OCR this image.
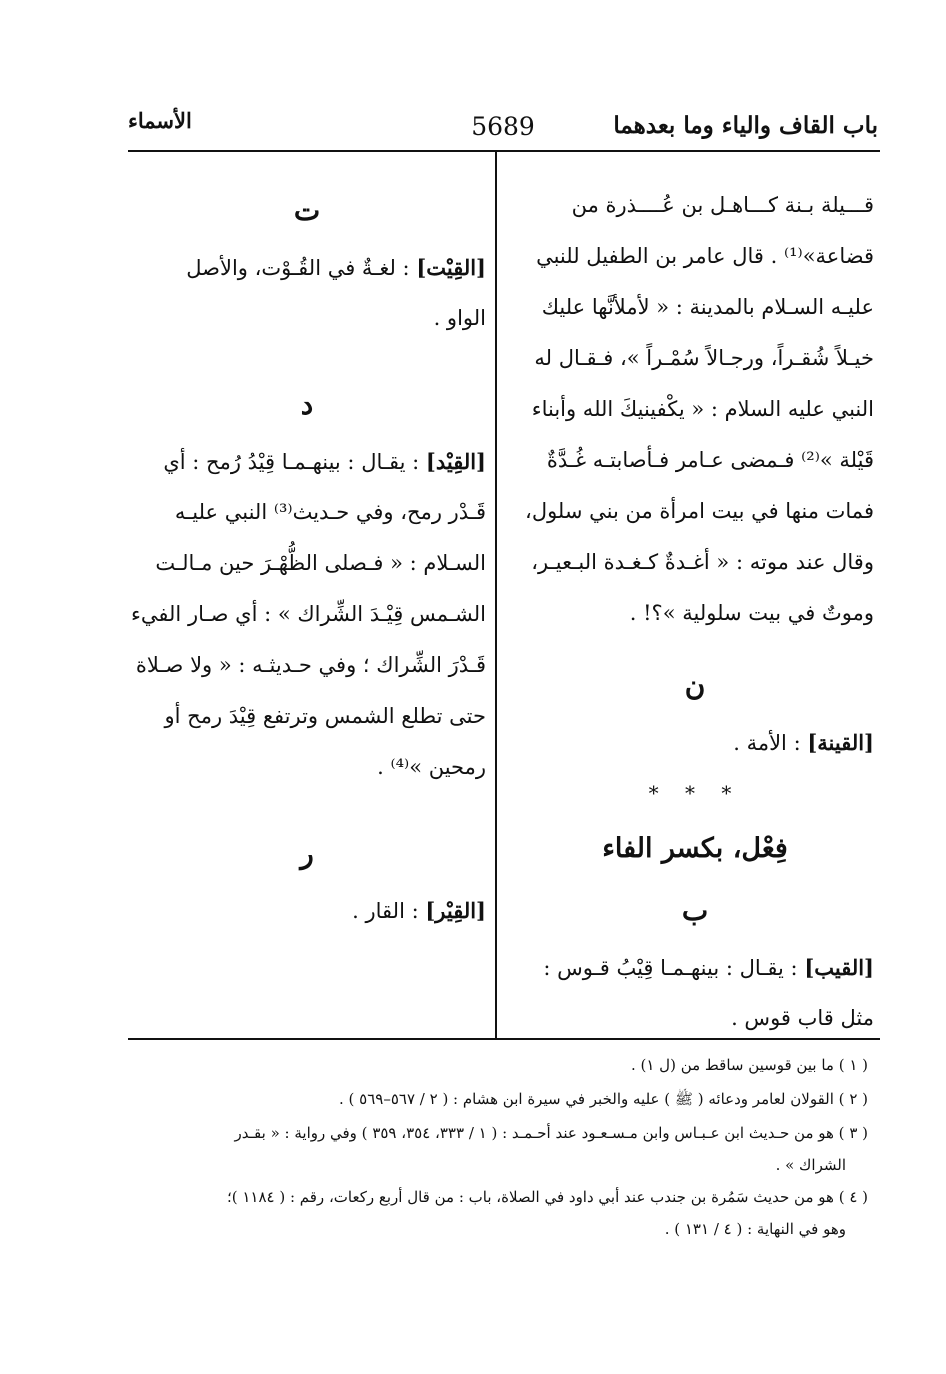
باب القاف والياء وما بعدهما
5689
الأسماء
قـــيلة بـنة كـــاهـل بن عُــــذرة من
قضاعة»⁽¹⁾ . قال عامر بن الطفيل للنبي
عليـه السـلام بالمدينة : « لأملأنَّها عليك
خيـلاً شُقـراً، ورجـالاً سُمْـراً »، فـقـال له
النبي عليه السلام : « يكْفينيكَ الله وأبناء
قَيْلة »⁽²⁾ فـمضى عـامر فـأصابتـه غُـدَّةٌ
فمات منها في بيت امرأة من بني سلول،
وقال عند موته : « أغـدةٌ كـغـدة البـعيـر،
وموتٌ في بيت سلولية »؟! .
ن
[القينة] : الأمة .
* * *
فِعْل، بكسر الفاء
ب
[القيب] : يقـال : بينهـمـا قِيْبُ قـوس :
مثل قاب قوس .
ت
[القِيْت] : لغـةٌ في القُـوْت، والأصل
الواو .
د
[القِيْد] : يقـال : بينهـمـا قِيْدُ رُمح : أي
قَـدْر رمح، وفي حـديث⁽³⁾ النبي عليـه
السـلام : « فـصلى الظُّهْـرَ حين مـالـت
الشـمس قِيْـدَ الشِّراك » : أي صـار الفيء
قَـدْرَ الشِّراك ؛ وفي حـديثـه : « ولا صـلاة
حتى تطلع الشمس وترتفع قِيْدَ رمح أو
رمحين »⁽⁴⁾ .
ر
[القِيْر] : القار .
( ١ ) ما بين قوسين ساقط من (ل ١) .
( ٢ ) القولان لعامر ودعائه ( ﷺ ) عليه والخبر في سيرة ابن هشام : ( ٢ / ٥٦٧–٥٦٩ ) .
( ٣ ) هو من حـديث ابن عـبـاس وابن مـسـعـود عند أحـمـد : ( ١ / ٣٣٣، ٣٥٤، ٣٥٩ ) وفي رواية : « بقـدر
الشراك » .
( ٤ ) هو من حديث سَمُرة بن جندب عند أبي داود في الصلاة، باب : من قال أربع ركعات، رقم : ( ١١٨٤ )؛
وهو في النهاية : ( ٤ / ١٣١ ) .
